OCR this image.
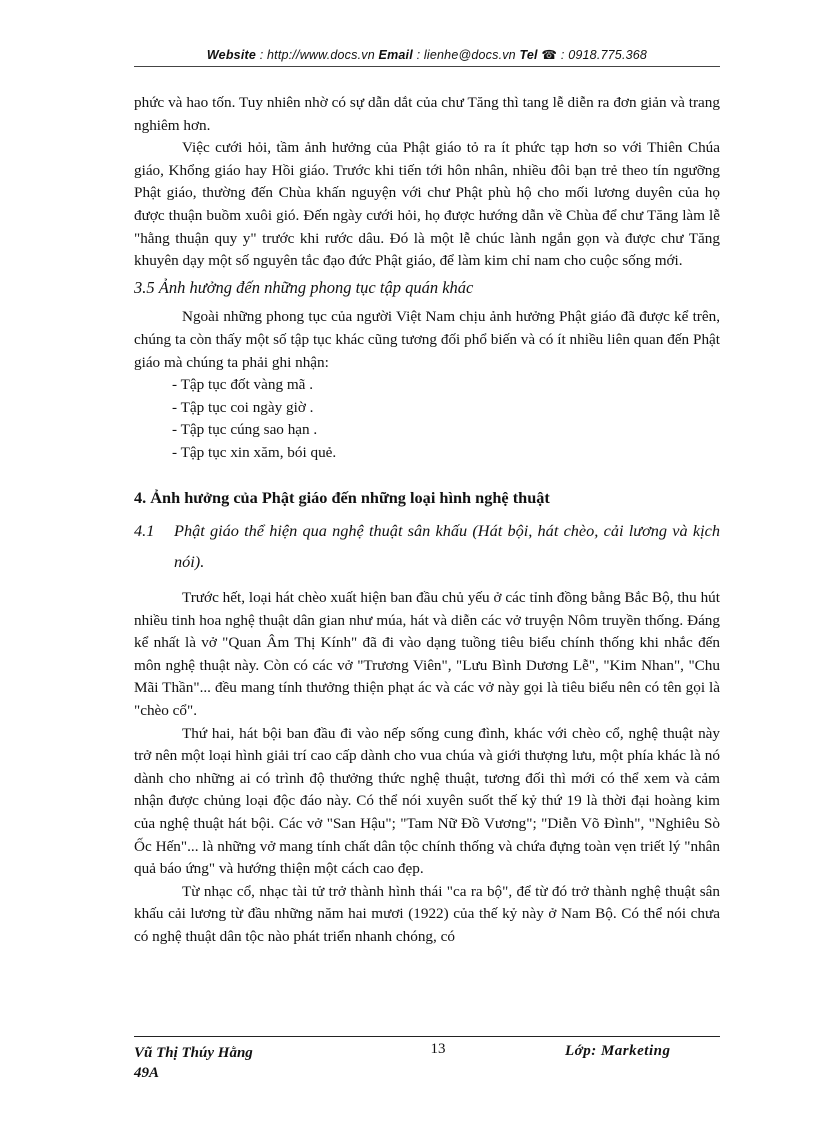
Website : http://www.docs.vn Email : lienhe@docs.vn Tel ☎ : 0918.775.368

phức và hao tốn. Tuy nhiên nhờ có sự dẫn dắt của chư Tăng thì tang lễ diễn ra đơn giản và trang nghiêm hơn.

Việc cưới hỏi, tầm ảnh hưởng của Phật giáo tỏ ra ít phức tạp hơn so với Thiên Chúa giáo, Khổng giáo hay Hồi giáo. Trước khi tiến tới hôn nhân, nhiều đôi bạn trẻ theo tín ngưỡng Phật giáo, thường đến Chùa khấn nguyện với chư Phật phù hộ cho mối lương duyên của họ được thuận buồm xuôi gió. Đến ngày cưới hỏi, họ được hướng dẫn về Chùa để chư Tăng làm lễ "hằng thuận quy y" trước khi rước dâu. Đó là một lễ chúc lành ngắn gọn và được chư Tăng khuyên dạy một số nguyên tắc đạo đức Phật giáo, để làm kim chỉ nam cho cuộc sống mới.

3.5 Ảnh hưởng đến những phong tục tập quán khác

Ngoài những phong tục của người Việt Nam chịu ảnh hưởng Phật giáo đã được kể trên, chúng ta còn thấy một số tập tục khác cũng tương đối phổ biến và có ít nhiều liên quan đến Phật giáo mà chúng ta phải ghi nhận:

- Tập tục đốt vàng mã .

- Tập tục coi ngày giờ .

- Tập tục cúng sao hạn .

- Tập tục xin xăm, bói quẻ.

4. Ảnh hưởng của Phật giáo đến những loại hình nghệ thuật

4.1	Phật giáo thể hiện qua nghệ thuật sân khấu (Hát bội, hát chèo, cải lương và kịch nói).

Trước hết, loại hát chèo xuất hiện ban đầu chủ yếu ở các tỉnh đồng bằng Bắc Bộ, thu hút nhiều tinh hoa nghệ thuật dân gian như múa, hát và diễn các vở truyện Nôm truyền thống. Đáng kể nhất là vở "Quan Âm Thị Kính" đã đi vào dạng tuồng tiêu biểu chính thống khi nhắc đến môn nghệ thuật này. Còn có các vở "Trương Viên", "Lưu Bình Dương Lễ", "Kim Nhan", "Chu Mãi Thần"... đều mang tính thưởng thiện phạt ác và các vở này gọi là tiêu biểu nên có tên gọi là "chèo cổ".

Thứ hai, hát bội ban đầu đi vào nếp sống cung đình, khác với chèo cổ, nghệ thuật này trở nên một loại hình giải trí cao cấp dành cho vua chúa và giới thượng lưu, một phía khác là nó dành cho những ai có trình độ thưởng thức nghệ thuật, tương đối thì mới có thể xem và cảm nhận được chủng loại độc đáo này. Có thể nói xuyên suốt thế kỷ thứ 19 là thời đại hoàng kim của nghệ thuật hát bội. Các vở "San Hậu"; "Tam Nữ Đồ Vương"; "Diễn Võ Đình", "Nghiêu Sò Ốc Hến"... là những vở mang tính chất dân tộc chính thống và chứa đựng toàn vẹn triết lý "nhân quả báo ứng" và hướng thiện một cách cao đẹp.

Từ nhạc cổ, nhạc tài tử trở thành hình thái "ca ra bộ", để từ đó trở thành nghệ thuật sân khấu cải lương từ đầu những năm hai mươi (1922) của thế kỷ này ở Nam Bộ. Có thể nói chưa có nghệ thuật dân tộc nào phát triển nhanh chóng, có

Vũ Thị Thúy Hằng
49A
13	Lớp: Marketing
